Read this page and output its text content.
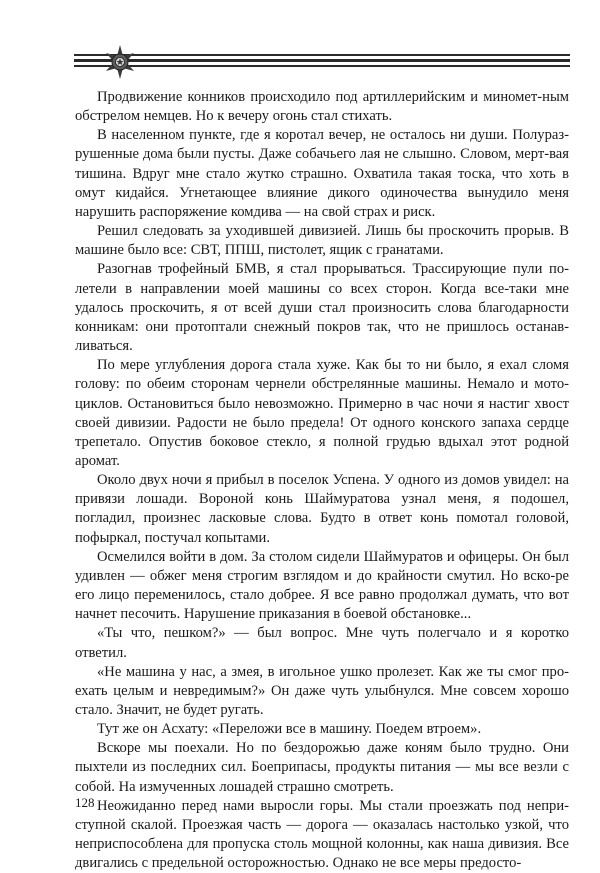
Продвижение конников происходило под артиллерийским и миномет-ным обстрелом немцев. Но к вечеру огонь стал стихать.

В населенном пункте, где я коротал вечер, не осталось ни души. Полураз-рушенные дома были пусты. Даже собачьего лая не слышно. Словом, мерт-вая тишина. Вдруг мне стало жутко страшно. Охватила такая тоска, что хоть в омут кидайся. Угнетающее влияние дикого одиночества вынудило меня нарушить распоряжение комдива — на свой страх и риск.

Решил следовать за уходившей дивизией. Лишь бы проскочить прорыв. В машине было все: СВТ, ППШ, пистолет, ящик с гранатами.

Разогнав трофейный БМВ, я стал прорываться. Трассирующие пули по-летели в направлении моей машины со всех сторон. Когда все-таки мне удалось проскочить, я от всей души стал произносить слова благодарности конникам: они протоптали снежный покров так, что не пришлось останав-ливаться.

По мере углубления дорога стала хуже. Как бы то ни было, я ехал сломя голову: по обеим сторонам чернели обстрелянные машины. Немало и мото-циклов. Остановиться было невозможно. Примерно в час ночи я настиг хвост своей дивизии. Радости не было предела! От одного конского запаха сердце трепетало. Опустив боковое стекло, я полной грудью вдыхал этот родной аромат.

Около двух ночи я прибыл в поселок Успена. У одного из домов увидел: на привязи лошади. Вороной конь Шаймуратова узнал меня, я подошел, погладил, произнес ласковые слова. Будто в ответ конь помотал головой, пофыркал, постучал копытами.

Осмелился войти в дом. За столом сидели Шаймуратов и офицеры. Он был удивлен — обжег меня строгим взглядом и до крайности смутил. Но вско-ре его лицо переменилось, стало добрее. Я все равно продолжал думать, что вот начнет песочить. Нарушение приказания в боевой обстановке...

«Ты что, пешком?» — был вопрос. Мне чуть полегчало и я коротко ответил.

«Не машина у нас, а змея, в игольное ушко пролезет. Как же ты смог про-ехать целым и невредимым?» Он даже чуть улыбнулся. Мне совсем хорошо стало. Значит, не будет ругать.

Тут же он Асхату: «Переложи все в машину. Поедем втроем».

Вскоре мы поехали. Но по бездорожью даже коням было трудно. Они пыхтели из последних сил. Боеприпасы, продукты питания — мы все везли с собой. На измученных лошадей страшно смотреть.

Неожиданно перед нами выросли горы. Мы стали проезжать под непри-ступной скалой. Проезжая часть — дорога — оказалась настолько узкой, что неприспособлена для пропуска столь мощной колонны, как наша дивизия. Все двигались с предельной осторожностью. Однако не все меры предосто-

128
